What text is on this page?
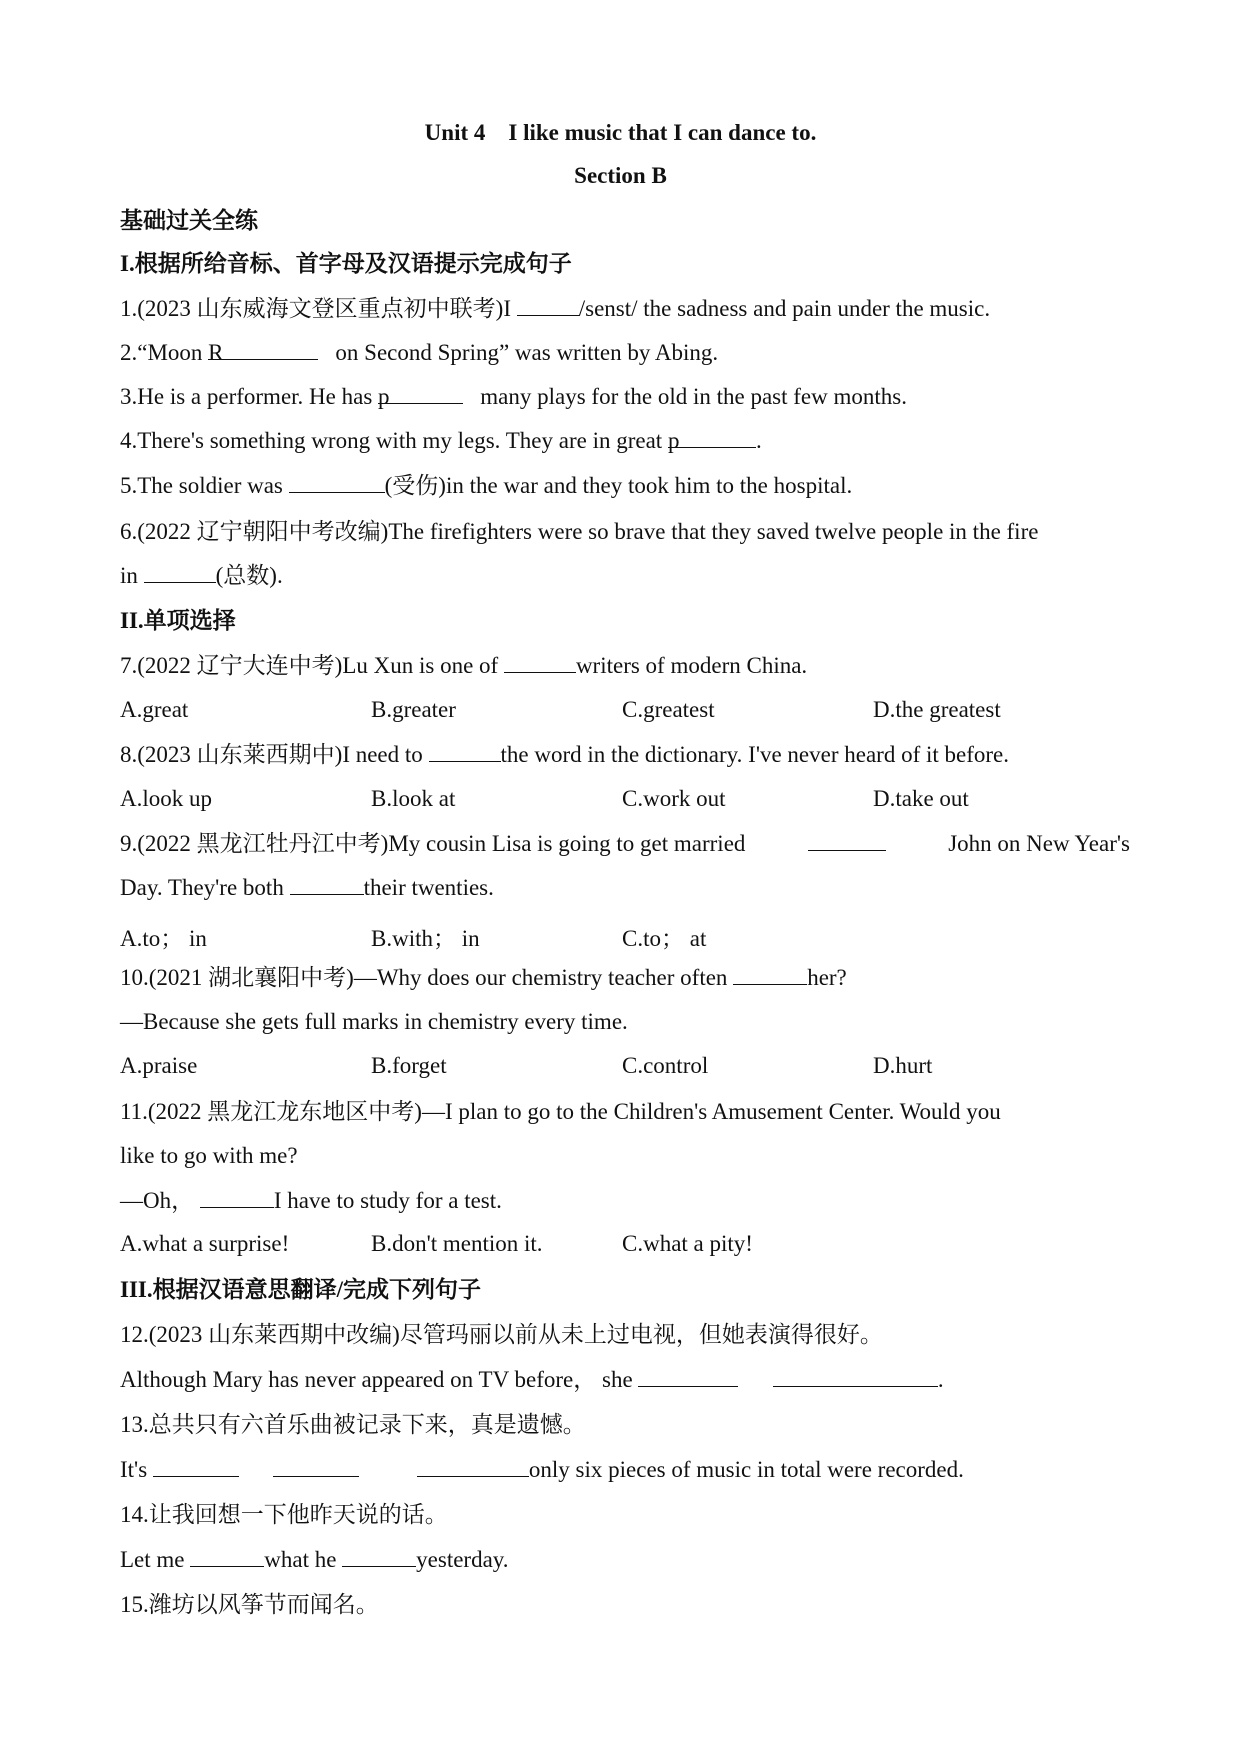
Unit 4    I like music that I can dance to.
Section B
基础过关全练
I.根据所给音标、首字母及汉语提示完成句子
1.(2023 山东威海文登区重点初中联考)I	/senst/ the sadness and pain under the music.
2.“Moon R	on Second Spring” was written by Abing.
3.He is a performer. He has p	many plays for the old in the past few months.
4.There's something wrong with my legs. They are in great p	.
5.The soldier was	(受伤)in the war and they took him to the hospital.
6.(2022 辽宁朝阳中考改编)The firefighters were so brave that they saved twelve people in the fire
in	(总数).
II.单项选择
7.(2022 辽宁大连中考)Lu Xun is one of	writers of modern China.
A.great	B.greater	C.greatest	D.the greatest
8.(2023 山东莱西期中)I need to	the word in the dictionary. I've never heard of it before.
A.look up	B.look at	C.work out	D.take out
9.(2022 黑龙江牡丹江中考)My cousin Lisa is going to get married	John on New Year's
Day. They're both	their twenties.
A.to； in	B.with； in	C.to； at
10.(2021 湖北襄阳中考)—Why does our chemistry teacher often	her?
—Because she gets full marks in chemistry every time.
A.praise	B.forget	C.control	D.hurt
11.(2022 黑龙江龙东地区中考)—I plan to go to the Children's Amusement Center. Would you
like to go with me?
—Oh，	I have to study for a test.
A.what a surprise!	B.don't mention it.	C.what a pity!
III.根据汉语意思翻译/完成下列句子
12.(2023 山东莱西期中改编)尽管玛丽以前从未上过电视，但她表演得很好。
Although Mary has never appeared on TV before， she	.
13.总共只有六首乐曲被记录下来，真是遗憾。
It's	only six pieces of music in total were recorded.
14.让我回想一下他昨天说的话。
Let me	what he	yesterday.
15.潍坊以风筝节而闻名。
